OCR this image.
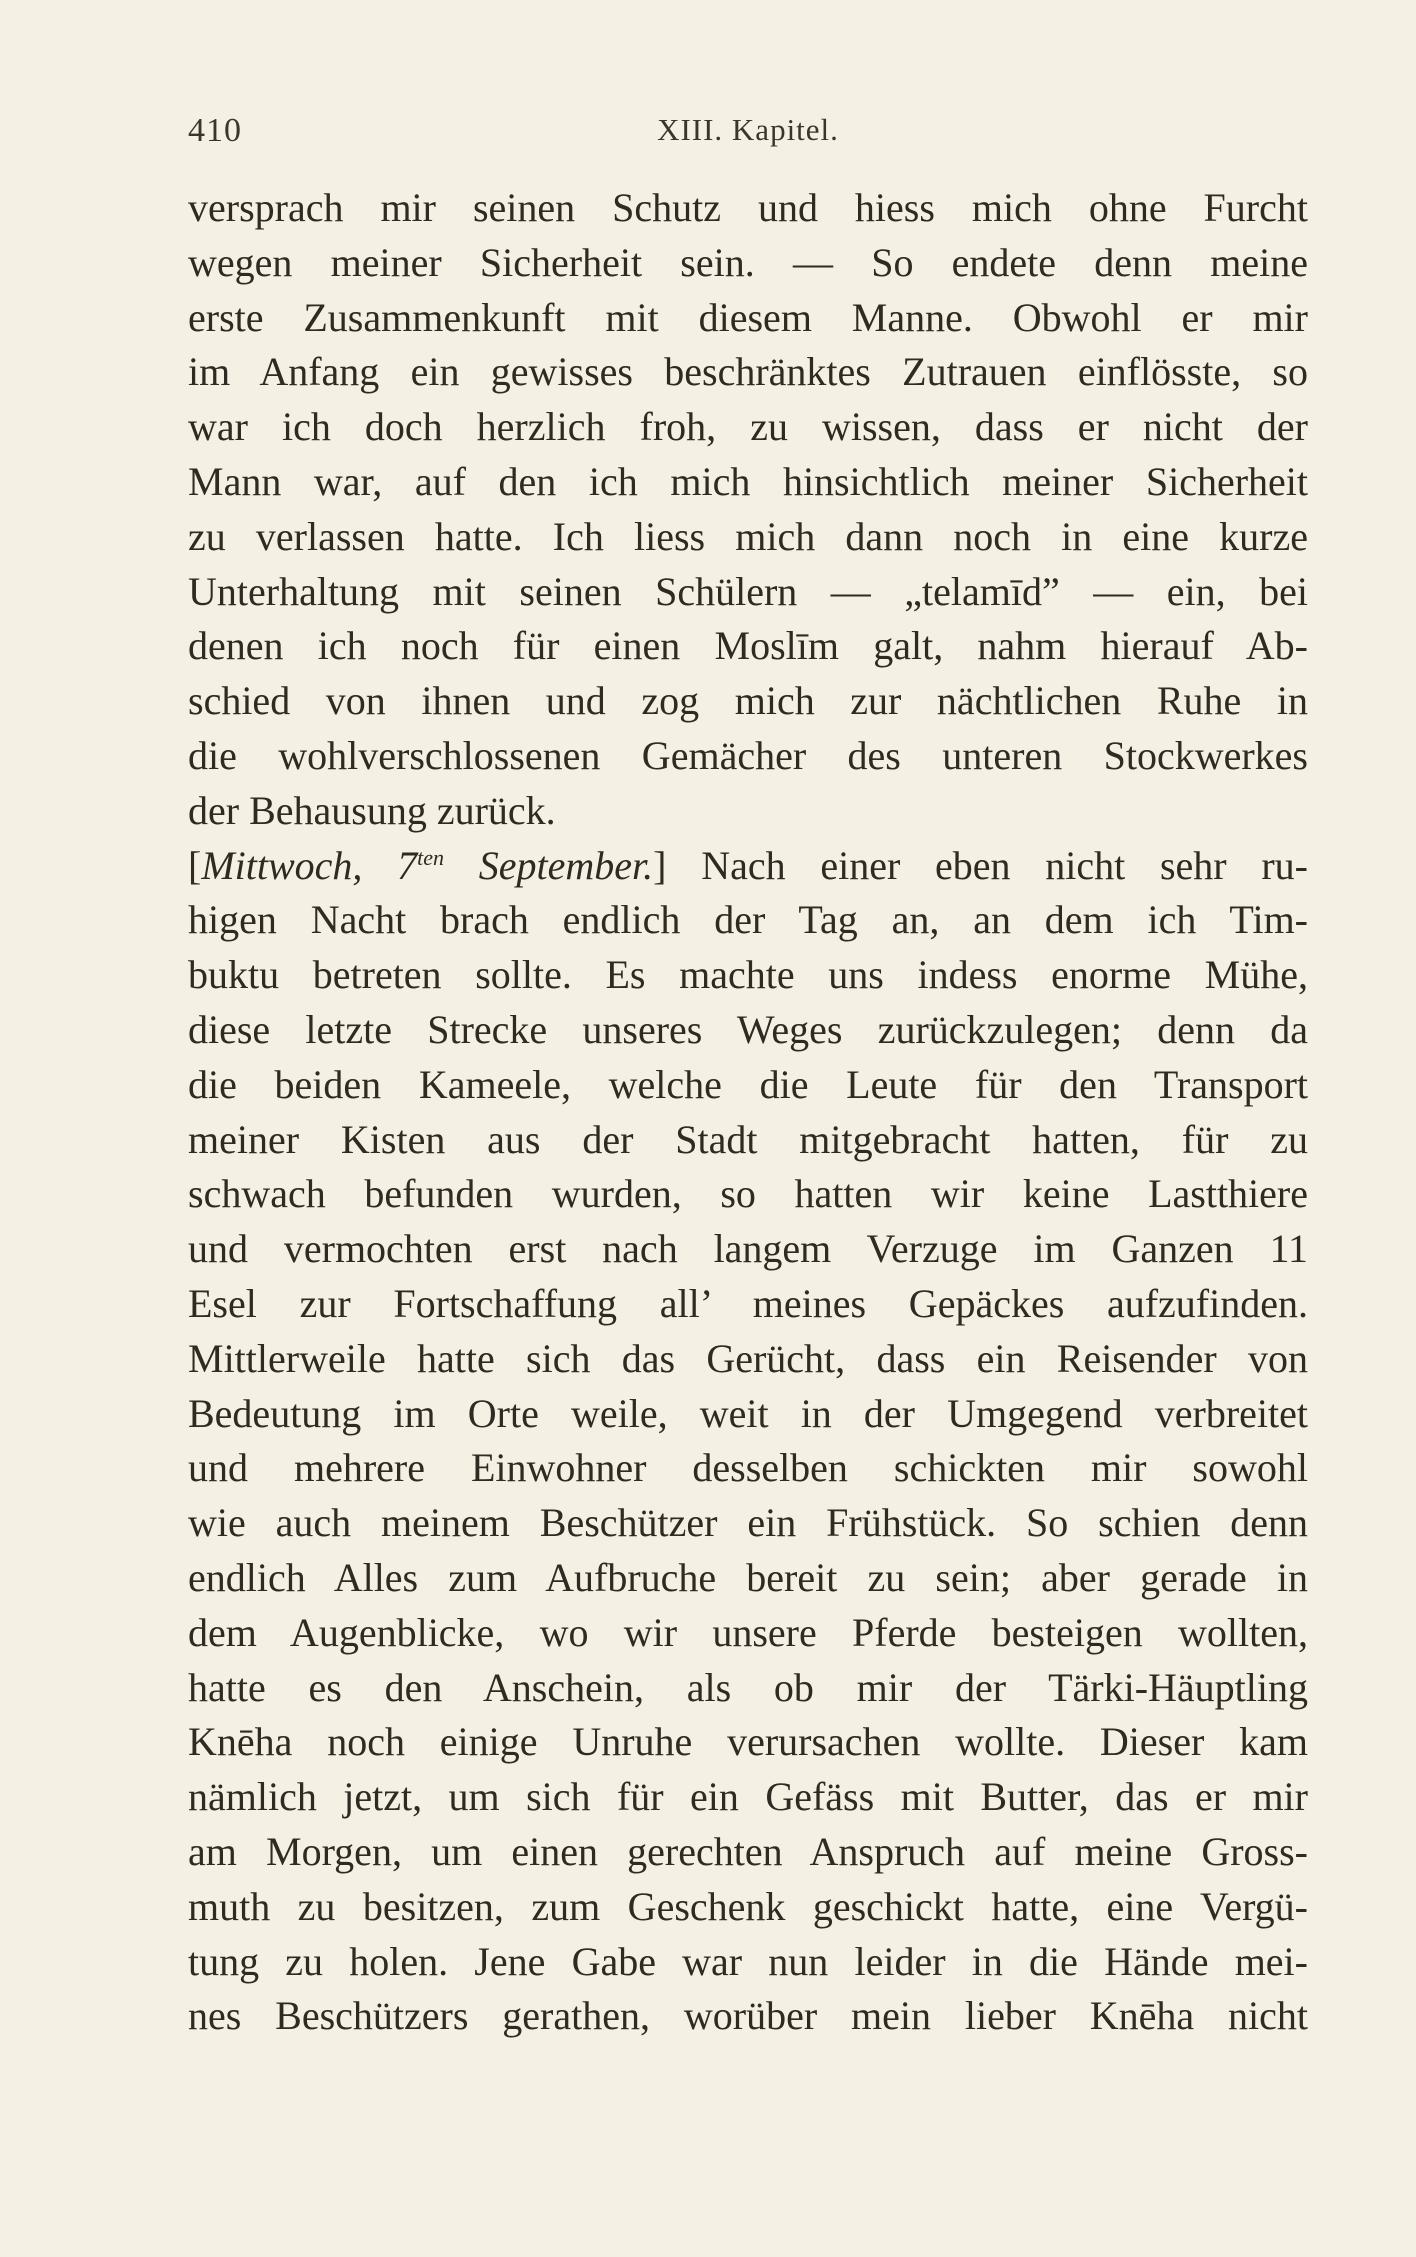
410	XIII. Kapitel.
versprach mir seinen Schutz und hiess mich ohne Furcht
wegen meiner Sicherheit sein. — So endete denn meine
erste Zusammenkunft mit diesem Manne. Obwohl er mir
im Anfang ein gewisses beschränktes Zutrauen einflösste, so
war ich doch herzlich froh, zu wissen, dass er nicht der
Mann war, auf den ich mich hinsichtlich meiner Sicherheit
zu verlassen hatte. Ich liess mich dann noch in eine kurze
Unterhaltung mit seinen Schülern — „telamīd” — ein, bei
denen ich noch für einen Moslīm galt, nahm hierauf Ab-
schied von ihnen und zog mich zur nächtlichen Ruhe in
die wohlverschlossenen Gemächer des unteren Stockwerkes
der Behausung zurück.
[Mittwoch, $7^{ten}$ September.] Nach einer eben nicht sehr ru-
higen Nacht brach endlich der Tag an, an dem ich Tim-
buktu betreten sollte. Es machte uns indess enorme Mühe,
diese letzte Strecke unseres Weges zurückzulegen; denn da
die beiden Kameele, welche die Leute für den Transport
meiner Kisten aus der Stadt mitgebracht hatten, für zu
schwach befunden wurden, so hatten wir keine Lastthiere
und vermochten erst nach langem Verzuge im Ganzen 11
Esel zur Fortschaffung all’ meines Gepäckes aufzufinden.
Mittlerweile hatte sich das Gerücht, dass ein Reisender von
Bedeutung im Orte weile, weit in der Umgegend verbreitet
und mehrere Einwohner desselben schickten mir sowohl
wie auch meinem Beschützer ein Frühstück. So schien denn
endlich Alles zum Aufbruche bereit zu sein; aber gerade in
dem Augenblicke, wo wir unsere Pferde besteigen wollten,
hatte es den Anschein, als ob mir der Tärki-Häuptling
Knēha noch einige Unruhe verursachen wollte. Dieser kam
nämlich jetzt, um sich für ein Gefäss mit Butter, das er mir
am Morgen, um einen gerechten Anspruch auf meine Gross-
muth zu besitzen, zum Geschenk geschickt hatte, eine Vergü-
tung zu holen. Jene Gabe war nun leider in die Hände mei-
nes Beschützers gerathen, worüber mein lieber Knēha nicht
